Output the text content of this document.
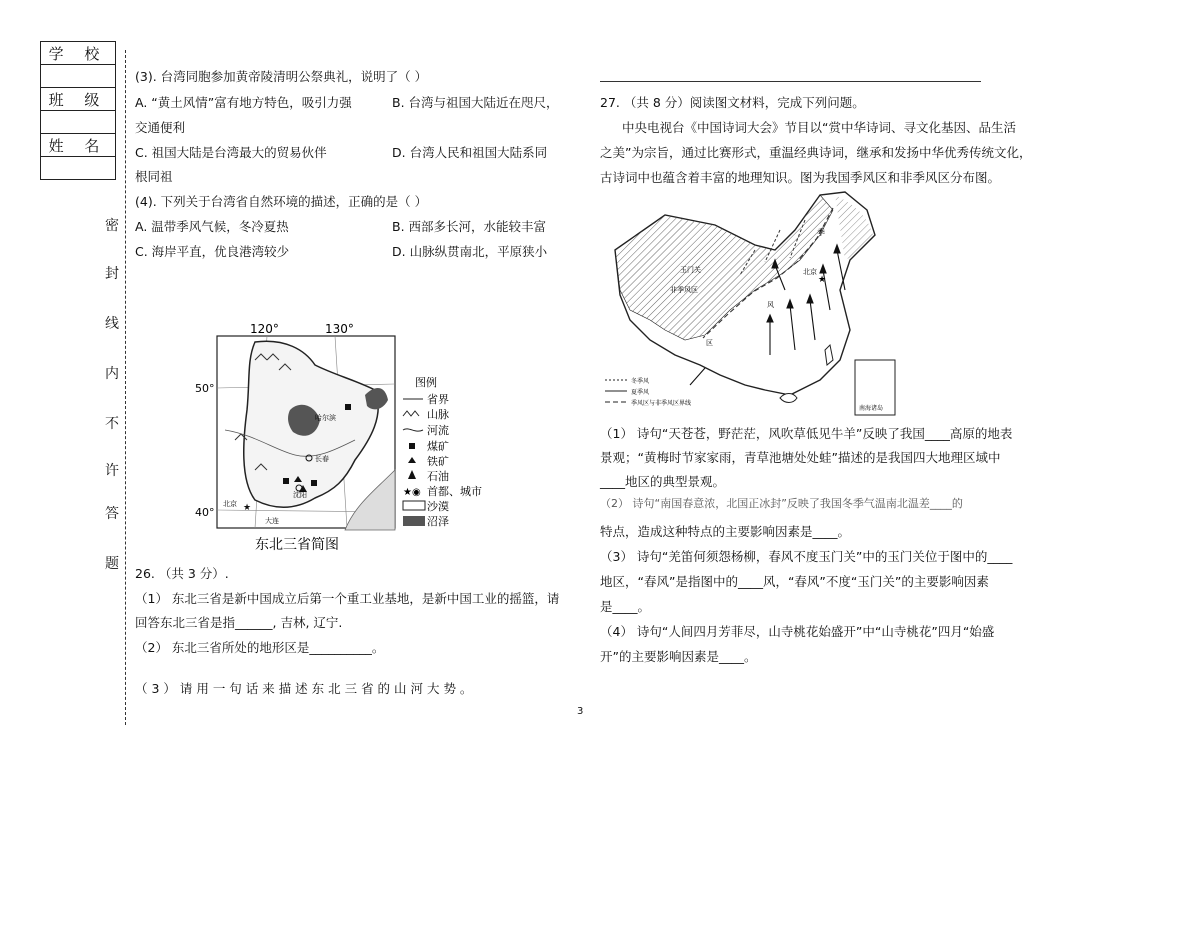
学 校

班 级

姓 名

密
封
线
内
不
许
答
题
(3). 台湾同胞参加黄帝陵清明公祭典礼，说明了（ ）
A. “黄土风情”富有地方特色，吸引力强	B. 台湾与祖国大陆近在咫尺，
交通便利
C. 祖国大陆是台湾最大的贸易伙伴	D. 台湾人民和祖国大陆系同
根同祖
(4). 下列关于台湾省自然环境的描述，正确的是（ ）
A. 温带季风气候，冬冷夏热	B. 西部多长河，水能较丰富
C. 海岸平直，优良港湾较少	D. 山脉纵贯南北，平原狭小
120°	130°
50°
40°
哈尔滨
长春
沈阳
北京
大连
★
图例
省界
山脉
河流
煤矿
铁矿
石油
★◉ 首都、城市
沙漠
沼泽
东北三省简图
26. （共 3 分）.
（1） 东北三省是新中国成立后第一个重工业基地，是新中国工业的摇篮，请
回答东北三省是指______, 吉林, 辽宁.
（2） 东北三省所处的地形区是__________。
（ 3 ） 请 用 一 句 话 来 描 述 东 北 三 省 的 山 河 大 势 。
27. （共 8 分）阅读图文材料，完成下列问题。
中央电视台《中国诗词大会》节目以“赏中华诗词、寻文化基因、品生活
之美”为宗旨，通过比赛形式，重温经典诗词，继承和发扬中华优秀传统文化，
古诗词中也蕴含着丰富的地理知识。图为我国季风区和非季风区分布图。
南海诸岛
季
玉门关	北京
非季风区
风
区
★
冬季风
夏季风
季风区与非季风区界线
（1） 诗句“天苍苍，野茫茫，风吹草低见牛羊”反映了我国____高原的地表
景观；“黄梅时节家家雨，青草池塘处处蛙”描述的是我国四大地理区域中
____地区的典型景观。
（2） 诗句“南国春意浓，北国正冰封”反映了我国冬季气温南北温差____的
特点，造成这种特点的主要影响因素是____。
（3） 诗句“羌笛何须怨杨柳，春风不度玉门关”中的玉门关位于图中的____
地区，“春风”是指图中的____风，“春风”不度“玉门关”的主要影响因素
是____。
（4） 诗句“人间四月芳菲尽，山寺桃花始盛开”中“山寺桃花”四月“始盛
开”的主要影响因素是____。
3
